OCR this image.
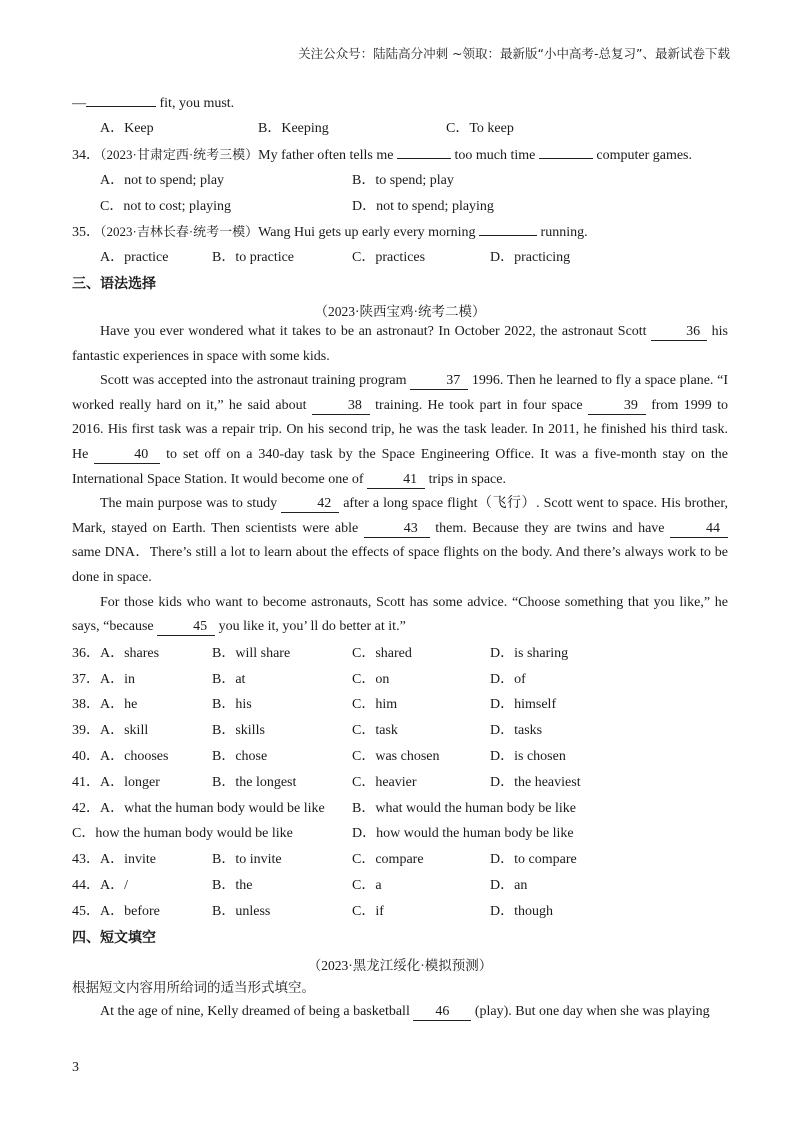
关注公众号：陆陆高分冲刺 ~领取：最新版“小中高考-总复习”、最新试卷下载
—	fit, you must.
A．Keep	B．Keeping	C．To keep
34．（2023·甘肃定西·统考三模）My father often tells me	too much time	computer games.
A．not to spend; play	B．to spend; play
C．not to cost; playing	D．not to spend; playing
35．（2023·吉林长春·统考一模）Wang Hui gets up early every morning	running.
A．practice	B．to practice	C．practices	D．practicing
三、语法选择
（2023·陕西宝鸡·统考二模）

Have you ever wondered what it takes to be an astronaut? In October 2022, the astronaut Scott	36 his fantastic experiences in space with some kids.

Scott was accepted into the astronaut training program	37 1996. Then he learned to fly a space plane. “I worked really hard on it,” he said about	38 training. He took part in four space	39 from 1999 to 2016. His first task was a repair trip. On his second trip, he was the task leader. In 2011, he finished his third task. He	40 to set off on a 340-day task by the Space Engineering Office. It was a five-month stay on the International Space Station. It would become one of	41 trips in space.

The main purpose was to study	42 after a long space flight（飞行）. Scott went to space. His brother, Mark, stayed on Earth. Then scientists were able	43 them. Because they are twins and have	44 same DNA．There’s still a lot to learn about the effects of space flights on the body. And there’s always work to be done in space.

For those kids who want to become astronauts, Scott has some advice. “Choose something that you like,” he says, “because	45 you like it, you’ ll do better at it.”

36．A．shares	B．will share	C．shared	D．is sharing
37．A．in	B．at	C．on	D．of
38．A．he	B．his	C．him	D．himself
39．A．skill	B．skills	C．task	D．tasks
40．A．chooses	B．chose	C．was chosen	D．is chosen
41．A．longer	B．the longest	C．heavier	D．the heaviest
42．A．what the human body would be like B．what would the human body be like
C．how the human body would be like	D．how would the human body be like
43．A．invite	B．to invite	C．compare	D．to compare
44．A．/	B．the	C．a	D．an
45．A．before	B．unless	C．if	D．though
四、短文填空
（2023·黑龙江绥化·模拟预测）
根据短文内容用所给词的适当形式填空。
At the age of nine, Kelly dreamed of being a basketball 46 (play). But one day when she was playing
3
